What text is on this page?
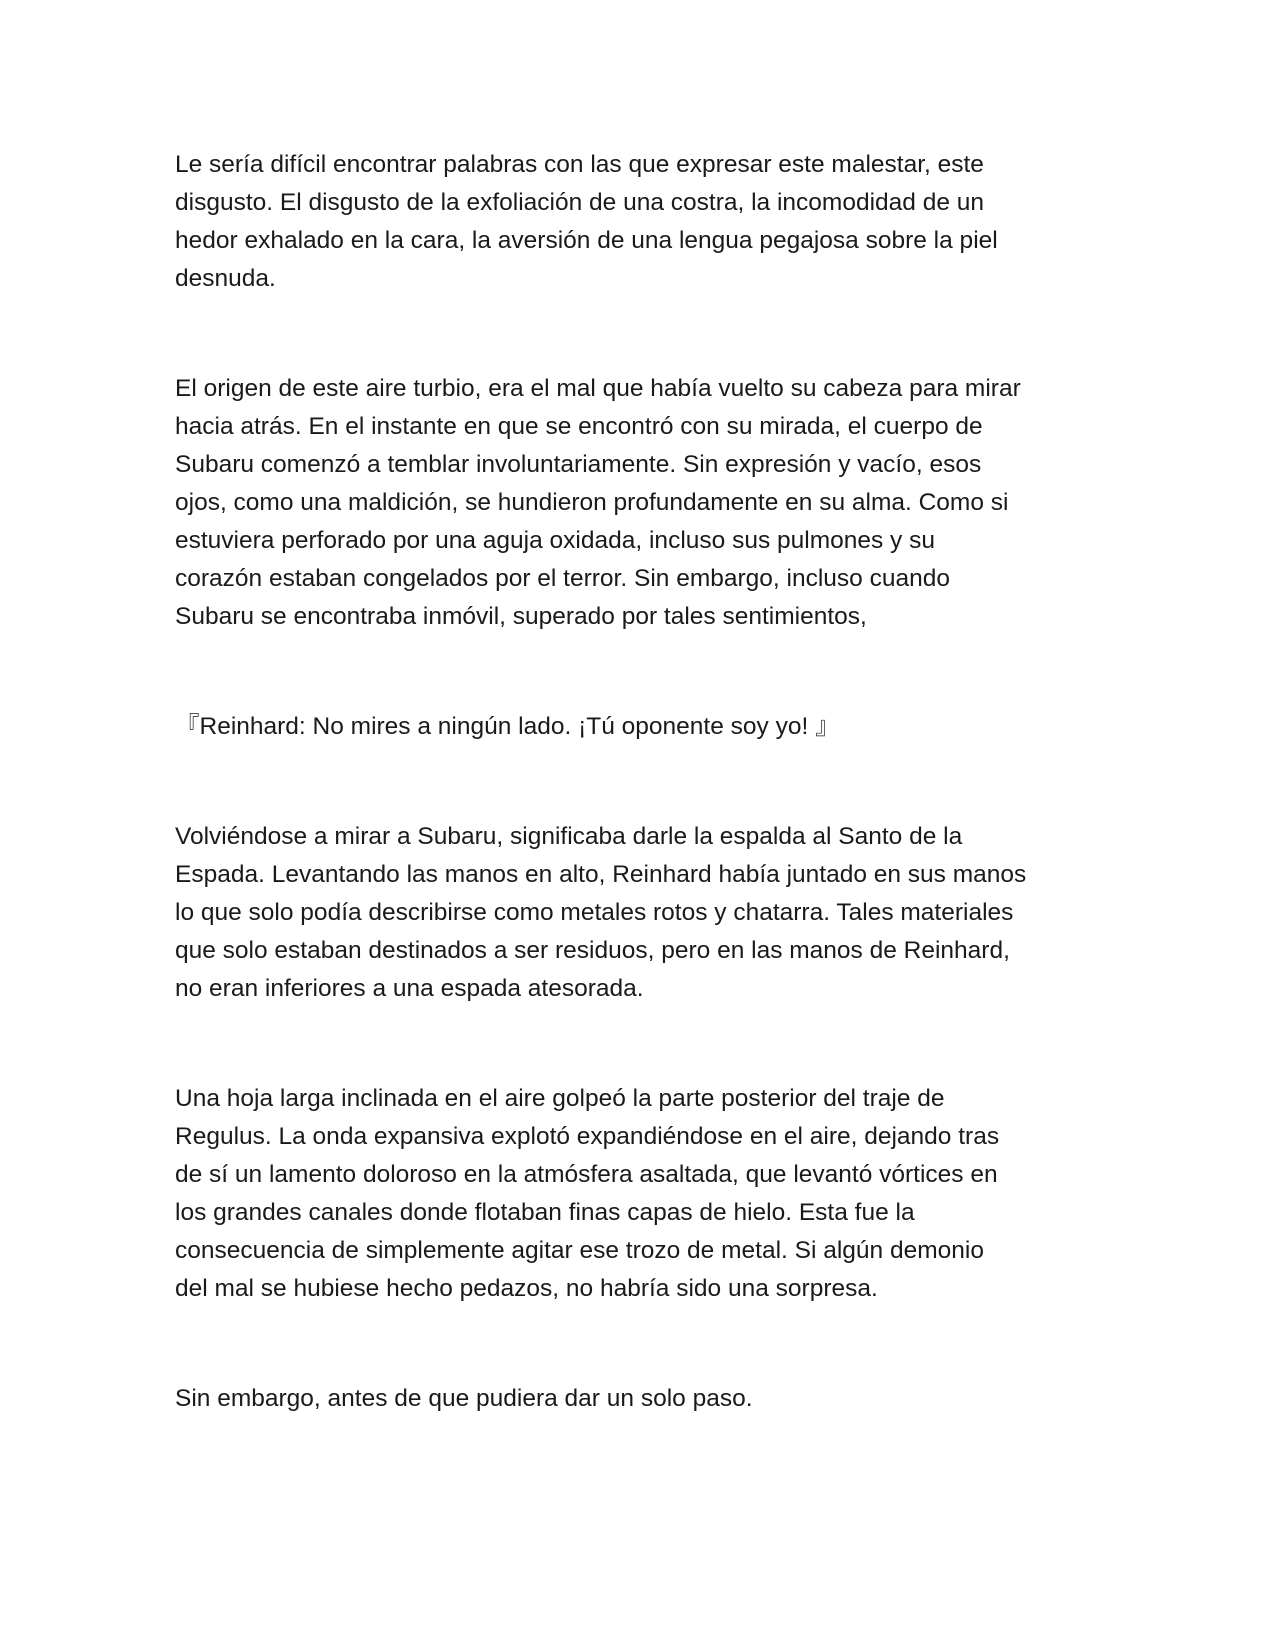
Le sería difícil encontrar palabras con las que expresar este malestar, este
disgusto. El disgusto de la exfoliación de una costra, la incomodidad de un
hedor exhalado en la cara, la aversión de una lengua pegajosa sobre la piel
desnuda.

El origen de este aire turbio, era el mal que había vuelto su cabeza para mirar
hacia atrás. En el instante en que se encontró con su mirada, el cuerpo de
Subaru comenzó a temblar involuntariamente. Sin expresión y vacío, esos
ojos, como una maldición, se hundieron profundamente en su alma. Como si
estuviera perforado por una aguja oxidada, incluso sus pulmones y su
corazón estaban congelados por el terror. Sin embargo, incluso cuando
Subaru se encontraba inmóvil, superado por tales sentimientos,

『Reinhard: No mires a ningún lado. ¡Tú oponente soy yo! 』

Volviéndose a mirar a Subaru, significaba darle la espalda al Santo de la
Espada. Levantando las manos en alto, Reinhard había juntado en sus manos
lo que solo podía describirse como metales rotos y chatarra. Tales materiales
que solo estaban destinados a ser residuos, pero en las manos de Reinhard,
no eran inferiores a una espada atesorada.

Una hoja larga inclinada en el aire golpeó la parte posterior del traje de
Regulus. La onda expansiva explotó expandiéndose en el aire, dejando tras
de sí un lamento doloroso en la atmósfera asaltada, que levantó vórtices en
los grandes canales donde flotaban finas capas de hielo. Esta fue la
consecuencia de simplemente agitar ese trozo de metal. Si algún demonio
del mal se hubiese hecho pedazos, no habría sido una sorpresa.

Sin embargo, antes de que pudiera dar un solo paso.
